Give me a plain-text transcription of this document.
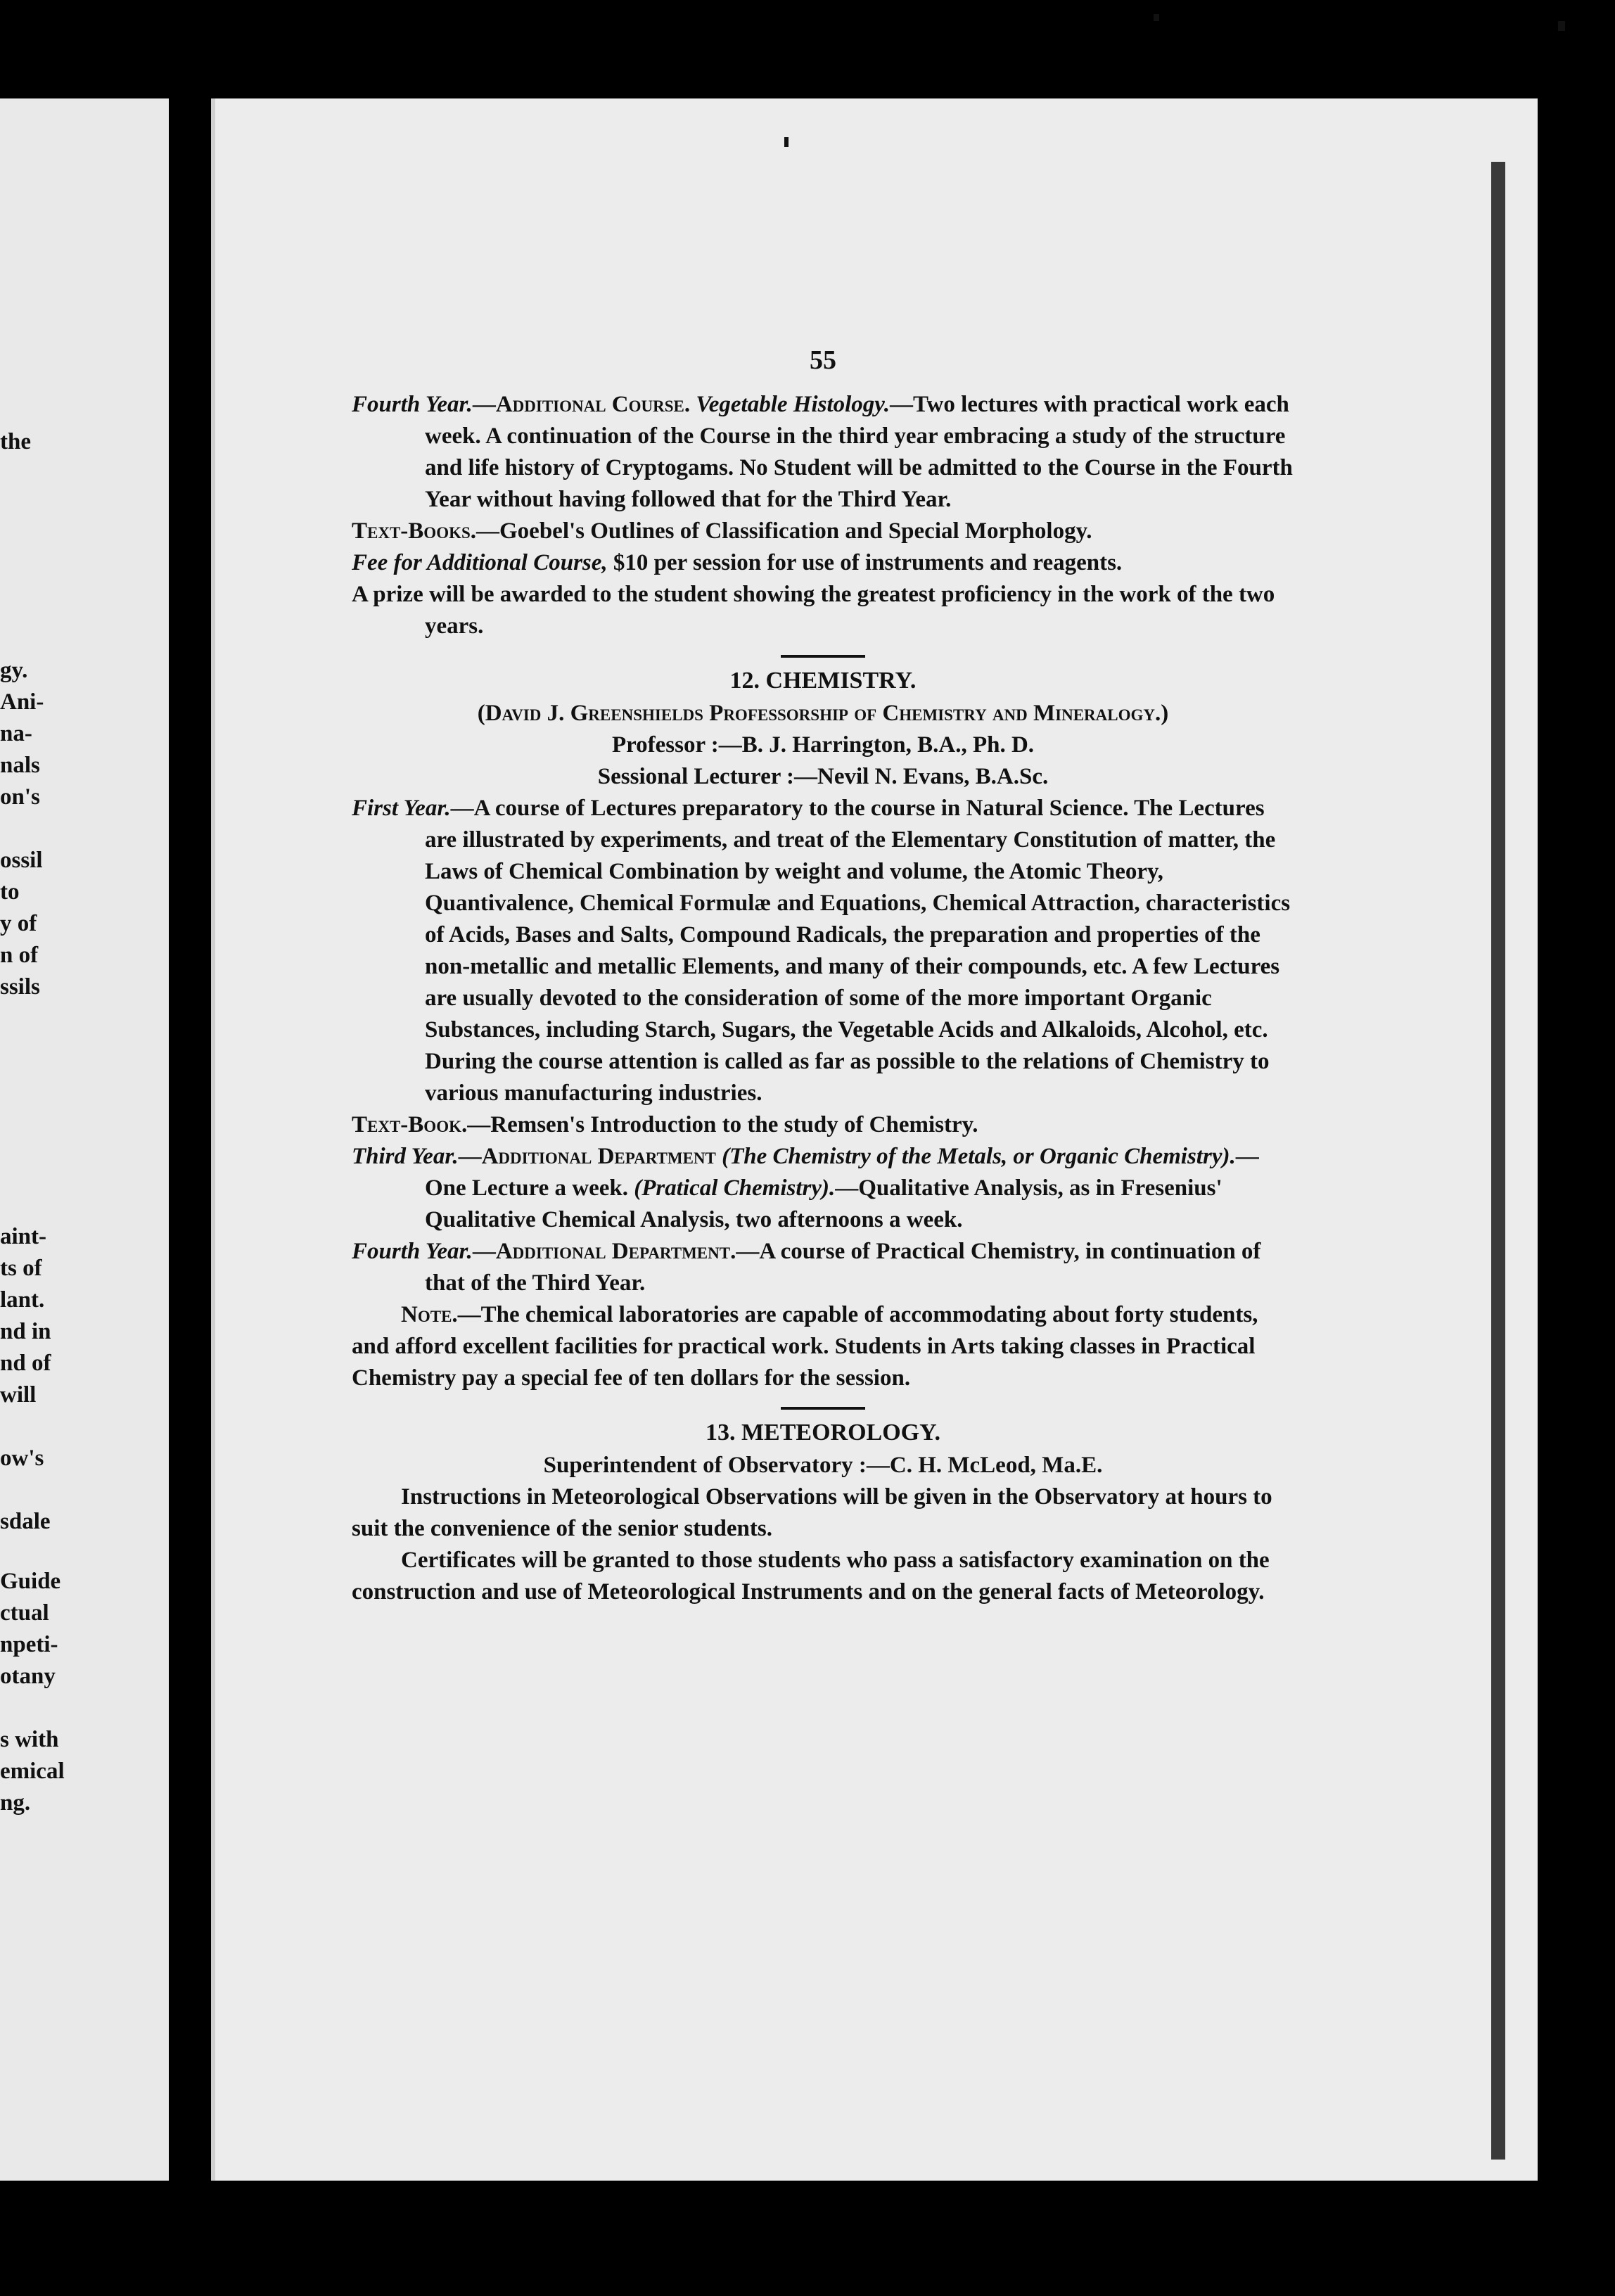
the
gy.
Ani-
na-
nals
on's
ossil
to
y of
n of
ssils
aint-
ts of
lant.
nd in
nd of
will
ow's
sdale
Guide
ctual
npeti-
otany
s with
emical
ng.
55

Fourth Year.—Additional Course. Vegetable Histology.—Two lectures with practical work each week. A continuation of the Course in the third year embracing a study of the structure and life history of Cryptogams. No Student will be admitted to the Course in the Fourth Year without having followed that for the Third Year.

Text-Books.—Goebel's Outlines of Classification and Special Morphology.

Fee for Additional Course, $10 per session for use of instruments and reagents.

A prize will be awarded to the student showing the greatest proficiency in the work of the two years.

12. CHEMISTRY.
(David J. Greenshields Professorship of Chemistry and Mineralogy.)
Professor :—B. J. Harrington, B.A., Ph. D.
Sessional Lecturer :—Nevil N. Evans, B.A.Sc.

First Year.—A course of Lectures preparatory to the course in Natural Science. The Lectures are illustrated by experiments, and treat of the Elementary Constitution of matter, the Laws of Chemical Combination by weight and volume, the Atomic Theory, Quantivalence, Chemical Formulæ and Equations, Chemical Attraction, characteristics of Acids, Bases and Salts, Compound Radicals, the preparation and properties of the non-metallic and metallic Elements, and many of their compounds, etc. A few Lectures are usually devoted to the consideration of some of the more important Organic Substances, including Starch, Sugars, the Vegetable Acids and Alkaloids, Alcohol, etc. During the course attention is called as far as possible to the relations of Chemistry to various manufacturing industries.

Text-Book.—Remsen's Introduction to the study of Chemistry.

Third Year.—Additional Department (The Chemistry of the Metals, or Organic Chemistry).—One Lecture a week. (Pratical Chemistry).—Qualitative Analysis, as in Fresenius' Qualitative Chemical Analysis, two afternoons a week.

Fourth Year.—Additional Department.—A course of Practical Chemistry, in continuation of that of the Third Year.

Note.—The chemical laboratories are capable of accommodating about forty students, and afford excellent facilities for practical work. Students in Arts taking classes in Practical Chemistry pay a special fee of ten dollars for the session.

13. METEOROLOGY.
Superintendent of Observatory :—C. H. McLeod, Ma.E.

Instructions in Meteorological Observations will be given in the Observatory at hours to suit the convenience of the senior students.

Certificates will be granted to those students who pass a satisfactory examination on the construction and use of Meteorological Instruments and on the general facts of Meteorology.
